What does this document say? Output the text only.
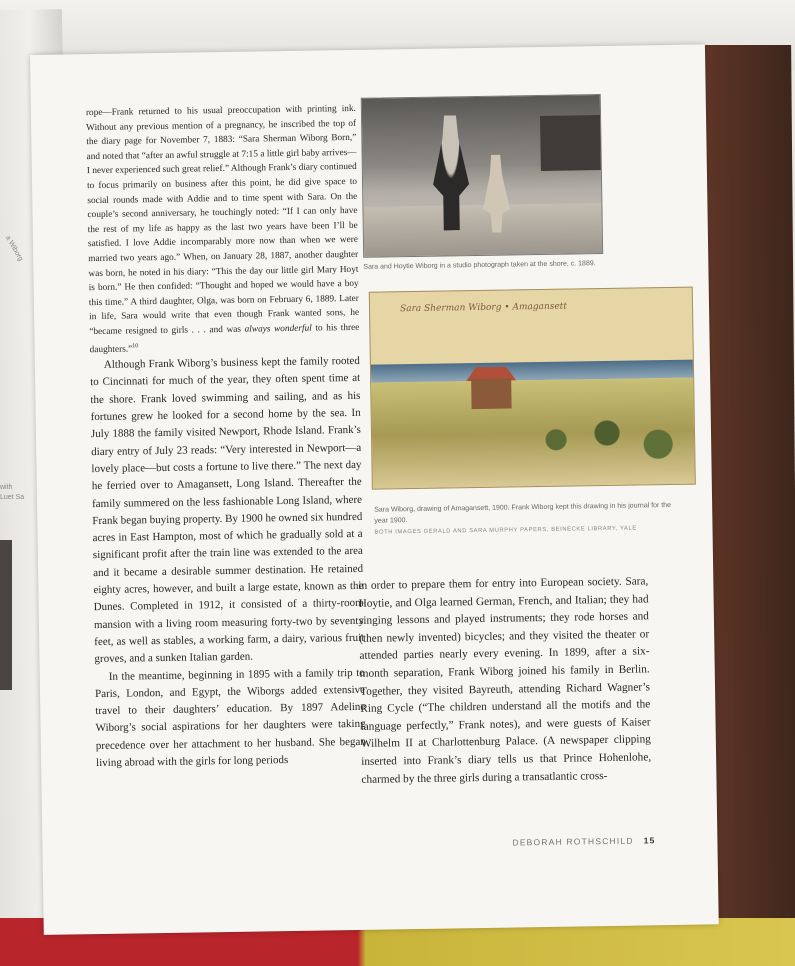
a Wiborg
with
Luet Sa

rope—Frank returned to his usual preoccupation with printing ink. Without any previous mention of a pregnancy, he inscribed the top of the diary page for November 7, 1883: “Sara Sherman Wiborg Born,” and noted that “after an awful struggle at 7:15 a little girl baby arrives—I never experienced such great relief.” Although Frank’s diary continued to focus primarily on business after this point, he did give space to social rounds made with Addie and to time spent with Sara. On the couple’s second anniversary, he touchingly noted: “If I can only have the rest of my life as happy as the last two years have been I’ll be satisfied. I love Addie incomparably more now than when we were married two years ago.” When, on January 28, 1887, another daughter was born, he noted in his diary: “This the day our little girl Mary Hoyt is born.” He then confided: “Thought and hoped we would have a boy this time.” A third daughter, Olga, was born on February 6, 1889. Later in life, Sara would write that even though Frank wanted sons, he “became resigned to girls . . . and was always wonderful to his three daughters.”$^{10}$

Although Frank Wiborg’s business kept the family rooted to Cincinnati for much of the year, they often spent time at the shore. Frank loved swimming and sailing, and as his fortunes grew he looked for a second home by the sea. In July 1888 the family visited Newport, Rhode Island. Frank’s diary entry of July 23 reads: “Very interested in Newport—a lovely place—but costs a fortune to live there.” The next day he ferried over to Amagansett, Long Island. Thereafter the family summered on the less fashionable Long Island, where Frank began buying property. By 1900 he owned six hundred acres in East Hampton, most of which he gradually sold at a significant profit after the train line was extended to the area and it became a desirable summer destination. He retained eighty acres, however, and built a large estate, known as the Dunes. Completed in 1912, it consisted of a thirty-room mansion with a living room measuring forty-two by seventy feet, as well as stables, a working farm, a dairy, various fruit groves, and a sunken Italian garden.

In the meantime, beginning in 1895 with a family trip to Paris, London, and Egypt, the Wiborgs added extensive travel to their daughters’ education. By 1897 Adeline Wiborg’s social aspirations for her daughters were taking precedence over her attachment to her husband. She began living abroad with the girls for long periods

Sara and Hoytie Wiborg in a studio photograph taken at the shore, c. 1889.
Sara Sherman Wiborg • Amagansett
Sara Wiborg, drawing of Amagansett, 1900. Frank Wiborg kept this drawing in his journal for the year 1900.
BOTH IMAGES GERALD AND SARA MURPHY PAPERS, BEINECKE LIBRARY, YALE

in order to prepare them for entry into European society. Sara, Hoytie, and Olga learned German, French, and Italian; they had singing lessons and played instruments; they rode horses and (then newly invented) bicycles; and they visited the theater or attended parties nearly every evening. In 1899, after a six-month separation, Frank Wiborg joined his family in Berlin. Together, they visited Bayreuth, attending Richard Wagner’s Ring Cycle (“The children understand all the motifs and the language perfectly,” Frank notes), and were guests of Kaiser Wilhelm II at Charlottenburg Palace. (A newspaper clipping inserted into Frank’s diary tells us that Prince Hohenlohe, charmed by the three girls during a transatlantic cross-

DEBORAH ROTHSCHILD 15
